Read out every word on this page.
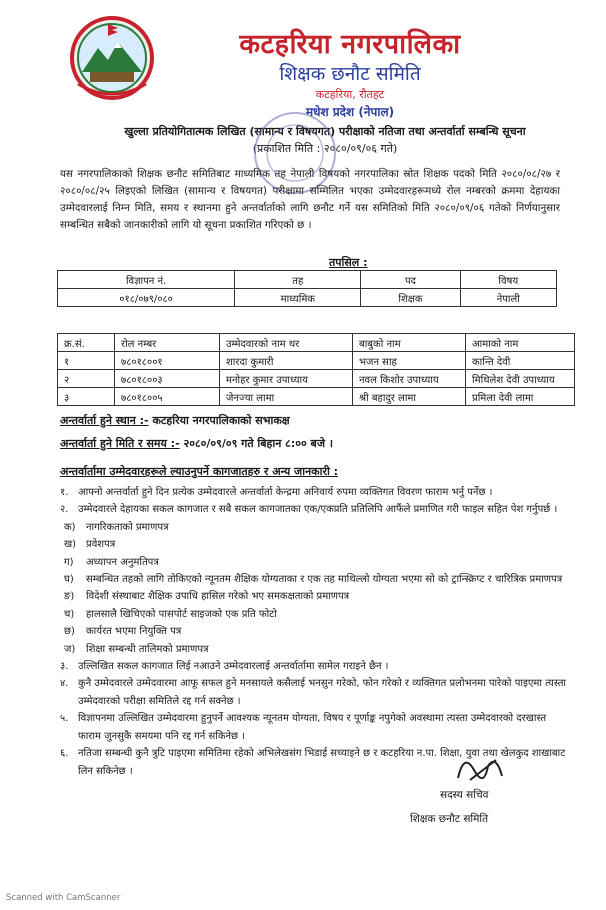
कटहरिया नगरपालिका
शिक्षक छनौट समिति
कटहरिया, रौतहट
मधेश प्रदेश (नेपाल)
खुल्ला प्रतियोगितात्मक लिखित (सामान्य र विषयगत) परीक्षाको नतिजा तथा अन्तर्वार्ता सम्बन्धि सूचना
(प्रकाशित मिति : २०८०/०९/०६ गते)
यस नगरपालिकाको शिक्षक छनौट समितिबाट माध्यमिक तह नेपाली विषयको नगरपालिका स्रोत शिक्षक पदको मिति २०८०/०८/२७ र २०८०/०८/२५ लिइएको लिखित (सामान्य र विषयगत) परीक्षामा सम्मिलित भएका उम्मेदवारहरूमध्ये रोल नम्बरको क्रममा देहायका उम्मेदवारलाई निम्न मिति, समय र स्थानमा हुने अन्तर्वार्ताको लागि छनौट गर्ने यस समितिको मिति २०८०/०९/०६ गतेको निर्णयानुसार सम्बन्धित सबैको जानकारीको लागि यो सूचना प्रकाशित गरिएको छ ।
तपसिल :
विज्ञापन नं.	तह	पद	विषय
०१८/०७९/०८०	माध्यमिक	शिक्षक	नेपाली
क्र.सं.	रोल नम्बर	उम्मेदवारको नाम थर	बाबुको नाम	आमाको नाम
१	७८०१८००१	शारदा कुमारी	भजन साह	कान्ति देवी
२	७८०१८००३	मनोहर कुमार उपाध्याय	नवल किशोर उपाध्याय	मिथिलेश देवी उपाध्याय
३	७८०१८००५	जेनज्या लामा	श्री बहादुर लामा	प्रमिला देवी लामा
अन्तर्वार्ता हुने स्थान :- कटहरिया नगरपालिकाको सभाकक्ष
अन्तर्वार्ता हुने मिति र समय :- २०८०/०९/०९ गते बिहान ८:०० बजे ।
अन्तर्वार्तामा उम्मेदवारहरूले ल्याउनुपर्ने कागजातहरु र अन्य जानकारी :
१. आफ्नो अन्तर्वार्ता हुने दिन प्रत्येक उम्मेदवारले अन्तर्वार्ता केन्द्रमा अनिवार्य रुपमा व्यक्तिगत विवरण फाराम भर्नु पर्नेछ ।
२. उम्मेदवारले देहायका सकल कागजात र सबै सकल कागजातका एक/एकप्रति प्रतिलिपि आफैंले प्रमाणित गरी फाइल सहित पेश गर्नुपर्छ ।
क)	नागरिकताको प्रमाणपत्र
ख) प्रवेशपत्र
ग)	अध्यापन अनुमतिपत्र
घ)	सम्बन्धित तहको लागि तोकिएको न्यूनतम शैक्षिक योग्यताका र एक तह माथिल्लो योग्यता भएमा सो को ट्रान्स्क्रिप्ट र चारित्रिक प्रमाणपत्र
ङ)	विदेशी संस्थाबाट शैक्षिक उपाधि हासिल गरेको भए समकक्षताको प्रमाणपत्र
च)	हालसालै खिचिएको पासपोर्ट साइजको एक प्रति फोटो
छ)	कार्यरत भएमा नियुक्ति पत्र
ज)	शिक्षा सम्बन्धी तालिमको प्रमाणपत्र
३. उल्लिखित सकल कागजात लिई नआउने उम्मेदवारलाई अन्तर्वार्तामा सामेल गराइने छैन ।
४. कुनै उम्मेदवारले उम्मेदवारमा आफू सफल हुने मनसायले कसैलाई भनसुन गरेको, फोन गरेको र व्यक्तिगत प्रलोभनमा पारेको पाइएमा त्यस्ता उम्मेदवारको परीक्षा समितिले रद्द गर्न सक्नेछ ।
५. विज्ञापनमा उल्लिखित उम्मेदवारमा हुनुपर्ने आवश्यक न्यूनतम योग्यता, विषय र पूर्णाङ्क नपुगेको अवस्थामा त्यस्ता उम्मेदवारको दरखास्त फाराम जुनसुकै समयमा पनि रद्द गर्न सकिनेछ ।
६. नतिजा सम्बन्धी कुनै त्रुटि पाइएमा समितिमा रहेको अभिलेखसंग भिडाई सच्याइने छ र कटहरिया न.पा. शिक्षा, युवा तथा खेलकुद शाखाबाट लिन सकिनेछ ।
सदस्य सचिव
शिक्षक छनौट समिति
Scanned with CamScanner
